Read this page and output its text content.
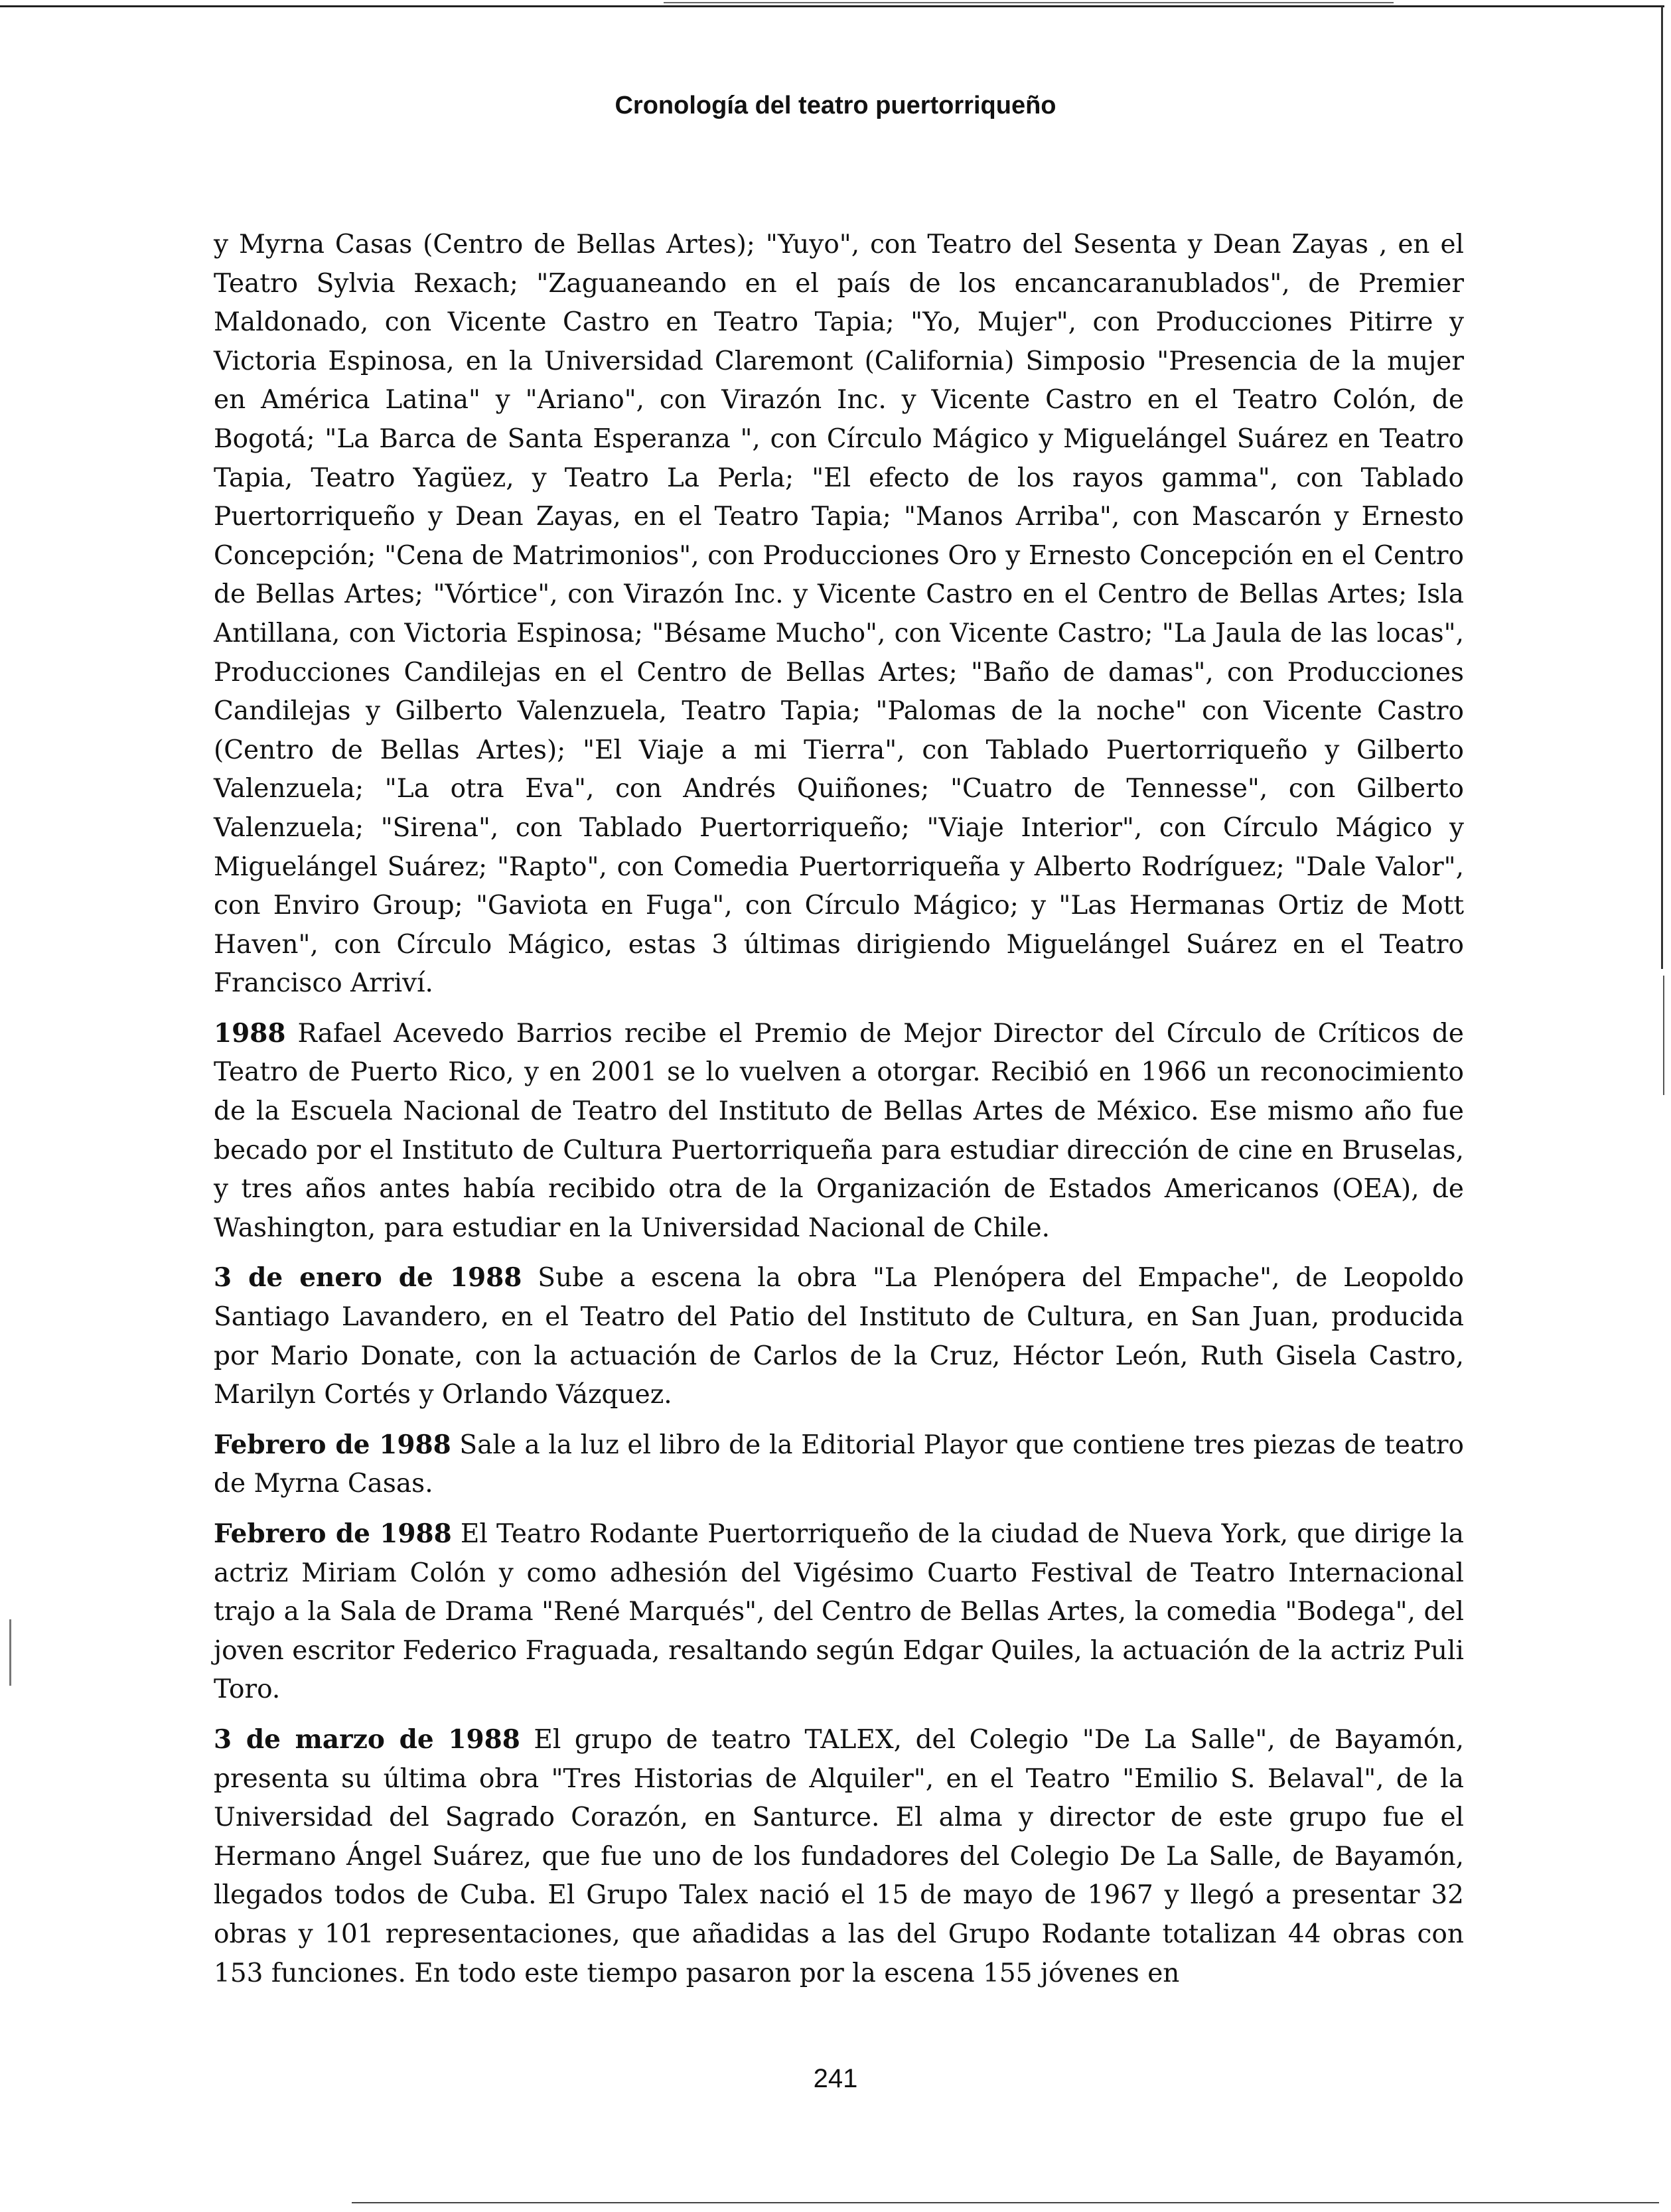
Cronología del teatro puertorriqueño

y Myrna Casas (Centro de Bellas Artes); "Yuyo", con Teatro del Sesenta y Dean Zayas , en el Teatro Sylvia Rexach; "Zaguaneando en el país de los encancaranublados", de Premier Maldonado, con Vicente Castro en Teatro Tapia; "Yo, Mujer", con Producciones Pitirre y Victoria Espinosa, en la Universidad Claremont (California) Simposio "Presencia de la mujer en América Latina" y "Ariano", con Virazón Inc. y Vicente Castro en el Teatro Colón, de Bogotá; "La Barca de Santa Esperanza ", con Círculo Mágico y Miguelángel Suárez en Teatro Tapia, Teatro Yagüez, y Teatro La Perla; "El efecto de los rayos gamma", con Tablado Puertorriqueño y Dean Zayas, en el Teatro Tapia; "Manos Arriba", con Mascarón y Ernesto Concepción; "Cena de Matrimonios", con Producciones Oro y Ernesto Concepción en el Centro de Bellas Artes; "Vórtice", con Virazón Inc. y Vicente Castro en el Centro de Bellas Artes; Isla Antillana, con Victoria Espinosa; "Bésame Mucho", con Vicente Castro; "La Jaula de las locas", Producciones Candilejas en el Centro de Bellas Artes; "Baño de damas", con Producciones Candilejas y Gilberto Valenzuela, Teatro Tapia; "Palomas de la noche" con Vicente Castro (Centro de Bellas Artes); "El Viaje a mi Tierra", con Tablado Puertorriqueño y Gilberto Valenzuela; "La otra Eva", con Andrés Quiñones; "Cuatro de Tennesse", con Gilberto Valenzuela; "Sirena", con Tablado Puertorriqueño; "Viaje Interior", con Círculo Mágico y Miguelángel Suárez; "Rapto", con Comedia Puertorriqueña y Alberto Rodríguez; "Dale Valor", con Enviro Group; "Gaviota en Fuga", con Círculo Mágico; y "Las Hermanas Ortiz de Mott Haven", con Círculo Mágico, estas 3 últimas dirigiendo Miguelángel Suárez en el Teatro Francisco Arriví.

1988 Rafael Acevedo Barrios recibe el Premio de Mejor Director del Círculo de Críticos de Teatro de Puerto Rico, y en 2001 se lo vuelven a otorgar. Recibió en 1966 un reconocimiento de la Escuela Nacional de Teatro del Instituto de Bellas Artes de México. Ese mismo año fue becado por el Instituto de Cultura Puertorriqueña para estudiar dirección de cine en Bruselas, y tres años antes había recibido otra de la Organización de Estados Americanos (OEA), de Washington, para estudiar en la Universidad Nacional de Chile.

3 de enero de 1988 Sube a escena la obra "La Plenópera del Empache", de Leopoldo Santiago Lavandero, en el Teatro del Patio del Instituto de Cultura, en San Juan, producida por Mario Donate, con la actuación de Carlos de la Cruz, Héctor León, Ruth Gisela Castro, Marilyn Cortés y Orlando Vázquez.

Febrero de 1988 Sale a la luz el libro de la Editorial Playor que contiene tres piezas de teatro de Myrna Casas.

Febrero de 1988 El Teatro Rodante Puertorriqueño de la ciudad de Nueva York, que dirige la actriz Miriam Colón y como adhesión del Vigésimo Cuarto Festival de Teatro Internacional trajo a la Sala de Drama "René Marqués", del Centro de Bellas Artes, la comedia "Bodega", del joven escritor Federico Fraguada, resaltando según Edgar Quiles, la actuación de la actriz Puli Toro.

3 de marzo de 1988 El grupo de teatro TALEX, del Colegio "De La Salle", de Bayamón, presenta su última obra "Tres Historias de Alquiler", en el Teatro "Emilio S. Belaval", de la Universidad del Sagrado Corazón, en Santurce. El alma y director de este grupo fue el Hermano Ángel Suárez, que fue uno de los fundadores del Colegio De La Salle, de Bayamón, llegados todos de Cuba. El Grupo Talex nació el 15 de mayo de 1967 y llegó a presentar 32 obras y 101 representaciones, que añadidas a las del Grupo Rodante totalizan 44 obras con 153 funciones. En todo este tiempo pasaron por la escena 155 jóvenes en

241
